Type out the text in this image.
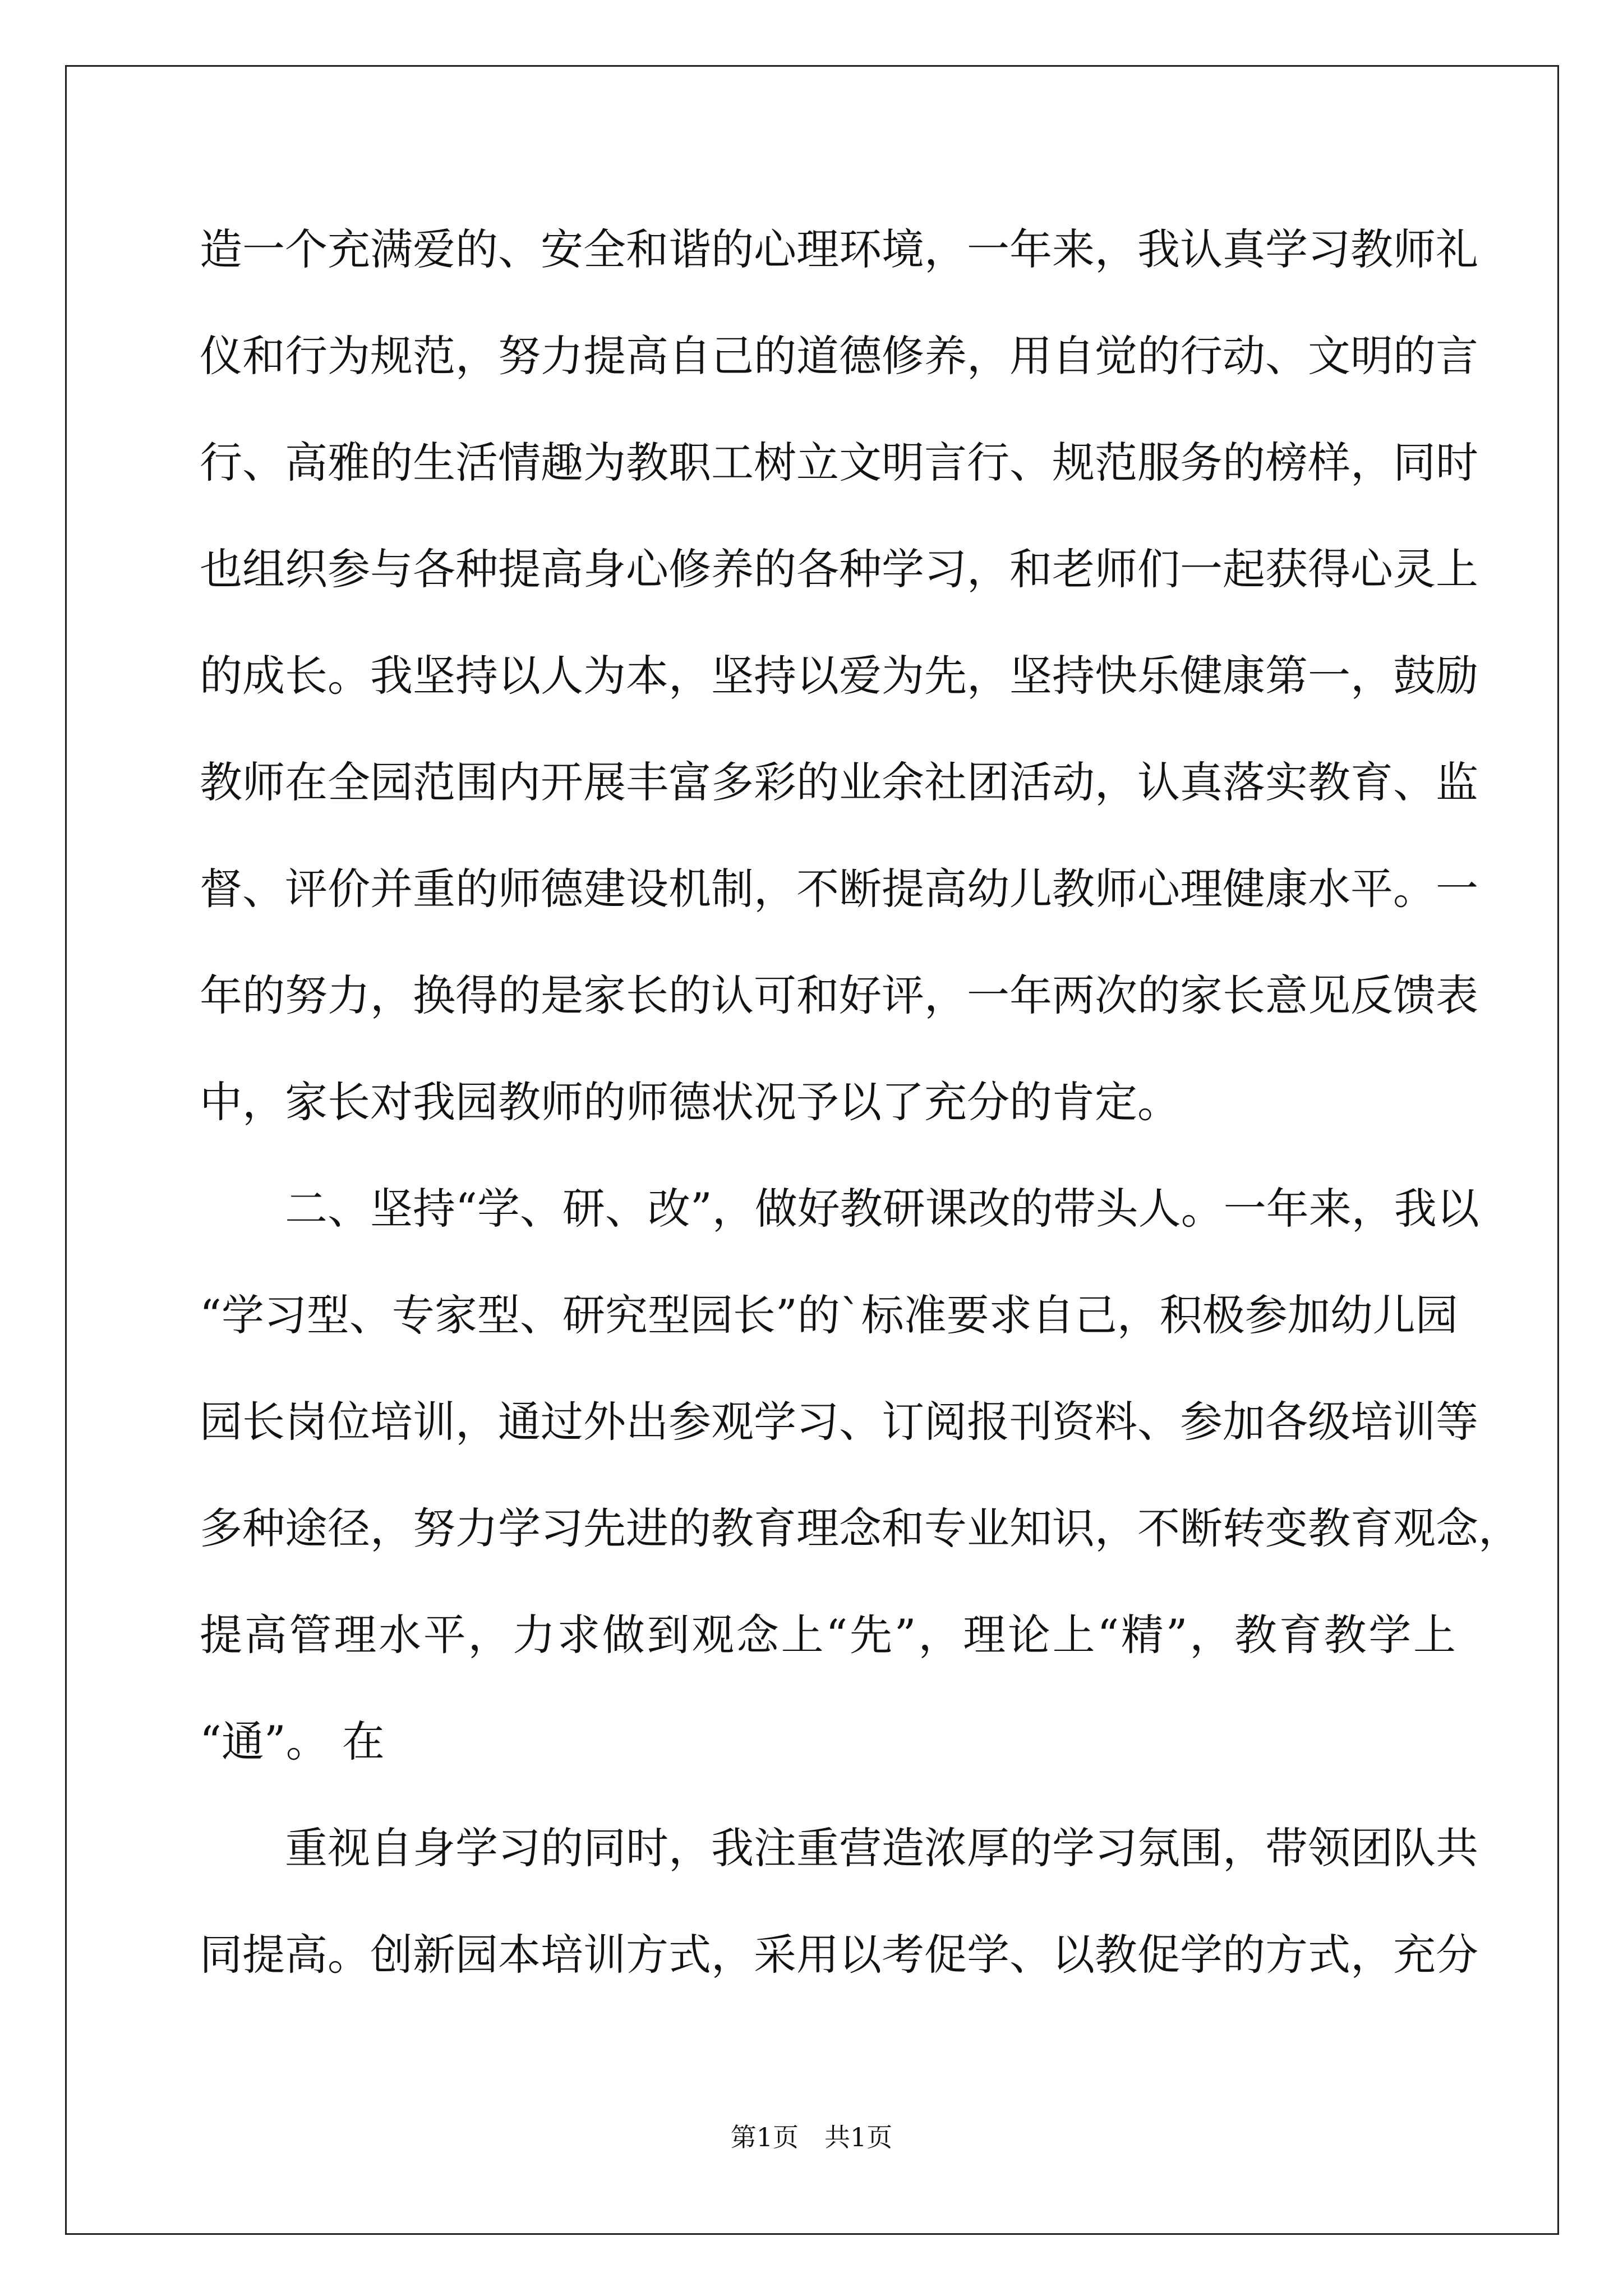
造一个充满爱的、安全和谐的心理环境，一年来，我认真学习教师礼
仪和行为规范，努力提高自己的道德修养，用自觉的行动、文明的言
行、高雅的生活情趣为教职工树立文明言行、规范服务的榜样，同时
也组织参与各种提高身心修养的各种学习，和老师们一起获得心灵上
的成长。我坚持以人为本，坚持以爱为先，坚持快乐健康第一，鼓励
教师在全园范围内开展丰富多彩的业余社团活动，认真落实教育、监
督、评价并重的师德建设机制，不断提高幼儿教师心理健康水平。一
年的努力，换得的是家长的认可和好评，一年两次的家长意见反馈表
中，家长对我园教师的师德状况予以了充分的肯定。
二、坚持“学、研、改”，做好教研课改的带头人。一年来，我以
“学习型、专家型、研究型园长”的`标准要求自己，积极参加幼儿园
园长岗位培训，通过外出参观学习、订阅报刊资料、参加各级培训等
多种途径，努力学习先进的教育理念和专业知识，不断转变教育观念，
提高管理水平，力求做到观念上“先”，理论上“精”，教育教学上
“通”。 在
重视自身学习的同时，我注重营造浓厚的学习氛围，带领团队共
同提高。创新园本培训方式，采用以考促学、以教促学的方式，充分
第1页　共1页
